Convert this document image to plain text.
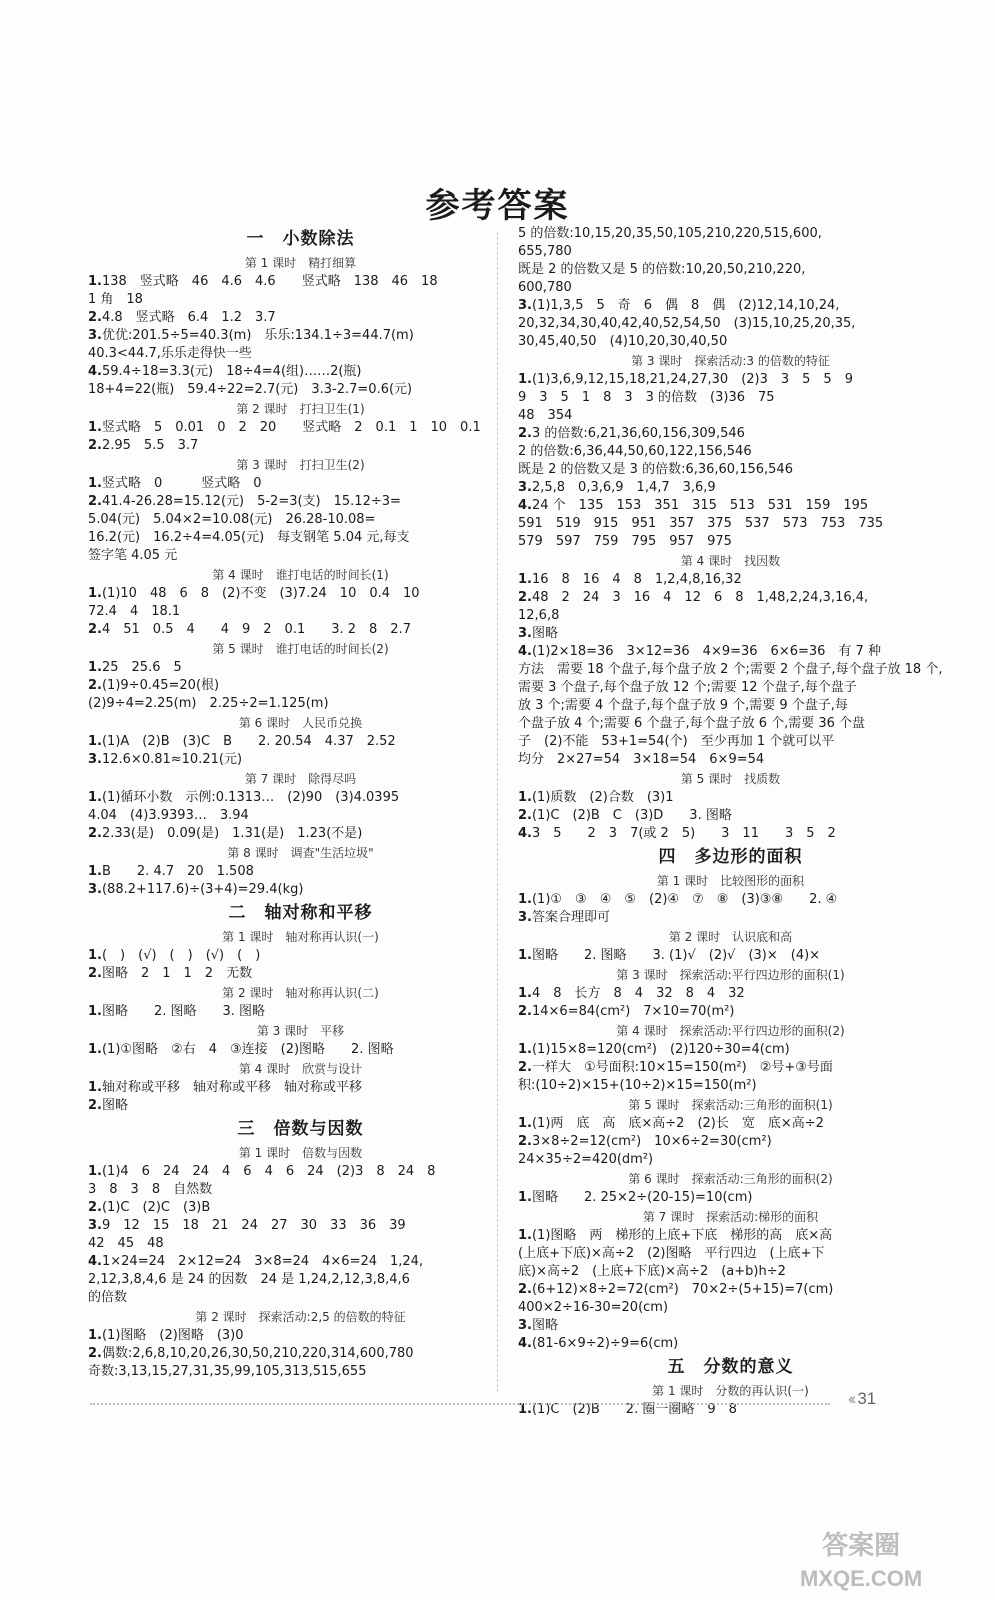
参考答案
一　小数除法
第 1 课时　精打细算
1.138　竖式略　46　4.6　4.6　　竖式略　138　46　18
1 角　18
2.4.8　竖式略　6.4　1.2　3.7
3.优优:201.5÷5=40.3(m)　乐乐:134.1÷3=44.7(m)
40.3<44.7,乐乐走得快一些
4.59.4÷18=3.3(元)　18÷4=4(组)……2(瓶)
18+4=22(瓶)　59.4÷22=2.7(元)　3.3-2.7=0.6(元)
第 2 课时　打扫卫生(1)
1.竖式略　5　0.01　0　2　20　　竖式略　2　0.1　1　10　0.1
2.2.95　5.5　3.7
第 3 课时　打扫卫生(2)
1.竖式略　0　　　竖式略　0
2.41.4-26.28=15.12(元)　5-2=3(支)　15.12÷3=
5.04(元)　5.04×2=10.08(元)　26.28-10.08=
16.2(元)　16.2÷4=4.05(元)　每支钢笔 5.04 元,每支
签字笔 4.05 元
第 4 课时　谁打电话的时间长(1)
1.(1)10　48　6　8　(2)不变　(3)7.24　10　0.4　10
72.4　4　18.1
2.4　51　0.5　4　　4　9　2　0.1　　3. 2　8　2.7
第 5 课时　谁打电话的时间长(2)
1.25　25.6　5
2.(1)9÷0.45=20(根)
(2)9÷4=2.25(m)　2.25÷2=1.125(m)
第 6 课时　人民币兑换
1.(1)A　(2)B　(3)C　B　　2. 20.54　4.37　2.52
3.12.6×0.81≈10.21(元)
第 7 课时　除得尽吗
1.(1)循环小数　示例:0.1313…　(2)90　(3)4.0395
4.04　(4)3.9393…　3.94
2.2.33(是)　0.09(是)　1.31(是)　1.23(不是)
第 8 课时　调查"生活垃圾"
1.B　　2. 4.7　20　1.508
3.(88.2+117.6)÷(3+4)=29.4(kg)
二　轴对称和平移
第 1 课时　轴对称再认识(一)
1.(　)　(√)　(　)　(√)　(　)
2.图略　2　1　1　2　无数
第 2 课时　轴对称再认识(二)
1.图略　　2. 图略　　3. 图略
第 3 课时　平移
1.(1)①图略　②右　4　③连接　(2)图略　　2. 图略
第 4 课时　欣赏与设计
1.轴对称或平移　轴对称或平移　轴对称或平移
2.图略
三　倍数与因数
第 1 课时　倍数与因数
1.(1)4　6　24　24　4　6　4　6　24　(2)3　8　24　8
3　8　3　8　自然数
2.(1)C　(2)C　(3)B
3.9　12　15　18　21　24　27　30　33　36　39
42　45　48
4.1×24=24　2×12=24　3×8=24　4×6=24　1,24,
2,12,3,8,4,6 是 24 的因数　24 是 1,24,2,12,3,8,4,6
的倍数
第 2 课时　探索活动:2,5 的倍数的特征
1.(1)图略　(2)图略　(3)0
2.偶数:2,6,8,10,20,26,30,50,210,220,314,600,780
奇数:3,13,15,27,31,35,99,105,313,515,655
5 的倍数:10,15,20,35,50,105,210,220,515,600,
655,780
既是 2 的倍数又是 5 的倍数:10,20,50,210,220,
600,780
3.(1)1,3,5　5　奇　6　偶　8　偶　(2)12,14,10,24,
20,32,34,30,40,42,40,52,54,50　(3)15,10,25,20,35,
30,45,40,50　(4)10,20,30,40,50
第 3 课时　探索活动:3 的倍数的特征
1.(1)3,6,9,12,15,18,21,24,27,30　(2)3　3　5　5　9
9　3　5　1　8　3　3 的倍数　(3)36　75
48　354
2.3 的倍数:6,21,36,60,156,309,546
2 的倍数:6,36,44,50,60,122,156,546
既是 2 的倍数又是 3 的倍数:6,36,60,156,546
3.2,5,8　0,3,6,9　1,4,7　3,6,9
4.24 个　135　153　351　315　513　531　159　195
591　519　915　951　357　375　537　573　753　735
579　597　759　795　957　975
第 4 课时　找因数
1.16　8　16　4　8　1,2,4,8,16,32
2.48　2　24　3　16　4　12　6　8　1,48,2,24,3,16,4,
12,6,8
3.图略
4.(1)2×18=36　3×12=36　4×9=36　6×6=36　有 7 种
方法　需要 18 个盘子,每个盘子放 2 个;需要 2 个盘子,每个盘子放 18 个,
需要 3 个盘子,每个盘子放 12 个;需要 12 个盘子,每个盘子
放 3 个;需要 4 个盘子,每个盘子放 9 个,需要 9 个盘子,每
个盘子放 4 个;需要 6 个盘子,每个盘子放 6 个,需要 36 个盘
子　(2)不能　53+1=54(个)　至少再加 1 个就可以平
均分　2×27=54　3×18=54　6×9=54
第 5 课时　找质数
1.(1)质数　(2)合数　(3)1
2.(1)C　(2)B　C　(3)D　　3. 图略
4.3　5　　2　3　7(或 2　5)　　3　11　　3　5　2
四　多边形的面积
第 1 课时　比较图形的面积
1.(1)①　③　④　⑤　(2)④　⑦　⑧　(3)③⑧　　2. ④
3.答案合理即可
第 2 课时　认识底和高
1.图略　　2. 图略　　3. (1)√　(2)√　(3)×　(4)×
第 3 课时　探索活动:平行四边形的面积(1)
1.4　8　长方　8　4　32　8　4　32
2.14×6=84(cm²)　7×10=70(m²)
第 4 课时　探索活动:平行四边形的面积(2)
1.(1)15×8=120(cm²)　(2)120÷30=4(cm)
2.一样大　①号面积:10×15=150(m²)　②号+③号面
积:(10÷2)×15+(10÷2)×15=150(m²)
第 5 课时　探索活动:三角形的面积(1)
1.(1)两　底　高　底×高÷2　(2)长　宽　底×高÷2
2.3×8÷2=12(cm²)　10×6÷2=30(cm²)
24×35÷2=420(dm²)
第 6 课时　探索活动:三角形的面积(2)
1.图略　　2. 25×2÷(20-15)=10(cm)
第 7 课时　探索活动:梯形的面积
1.(1)图略　两　梯形的上底+下底　梯形的高　底×高
(上底+下底)×高÷2　(2)图略　平行四边　(上底+下
底)×高÷2　(上底+下底)×高÷2　(a+b)h÷2
2.(6+12)×8÷2=72(cm²)　70×2÷(5+15)=7(cm)
400×2÷16-30=20(cm)
3.图略
4.(81-6×9÷2)÷9=6(cm)
五　分数的意义
第 1 课时　分数的再认识(一)
1.(1)C　(2)B　　2. 圈一圈略　9　8
‹‹ 31
答案圈
MXQE.COM
